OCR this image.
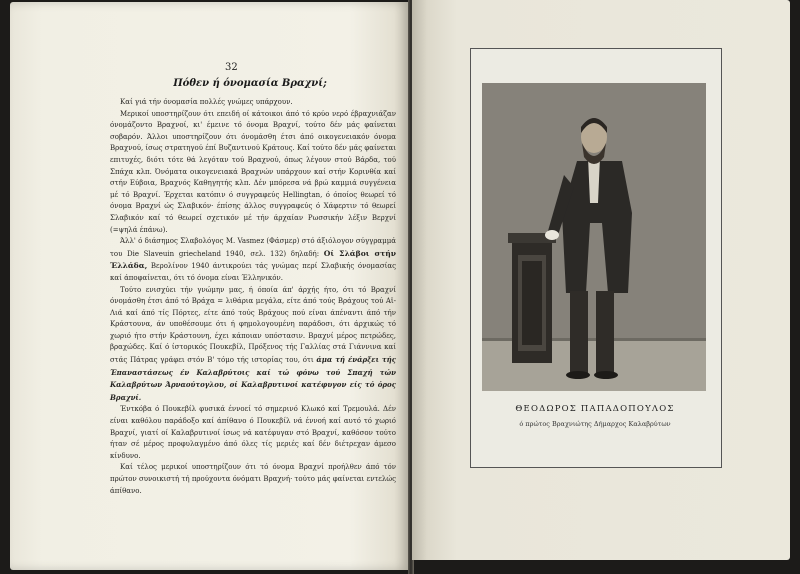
32
Πόθεν ή όνομασία Βραχνί;

Καί γιά τήν όνομασία πολλές γνώμες υπάρχουν.

Μερικοί υποστηρίζουν ότι επειδή οί κάτοικοι άπό τό κρύο νερό έβραχνιάζαν όνομάζοντο Βραχνοί, κι' έμεινε τό όνομα Βραχνί, τούτο δέν μάς φαίνεται σοβαρόν. Άλλοι υποστηρίζουν ότι όνομάσθη έτσι άπό οικογενειακόν όνομα Βραχνού, ίσως στρατηγού έπί Βυζαντινού Κράτους. Καί τούτο δέν μάς φαίνεται επιτυχές, διότι τότε θά λεγόταν τού Βραχνού, όπως λέγουν στού Βάρδα, τού Σπάχα κλπ. Όνόματα οικογενειακά Βραχνών υπάρχουν καί στήν Κορινθία καί στήν Εύβοια, Βραχνός Καθηγητής κλπ. Δέν μπόρεσα νά βρώ καμμιά συγγένεια μέ τό Βραχνί. Έρχεται κατόπιν ό συγγραφεύς Hellingtan, ό όποίος θεωρεί τό όνομα Βραχνί ώς Σλαβικόν· έπίσης άλλος συγγραφεύς ό Χάφερτιν τό θεωρεί Σλαβικόν καί τό θεωρεί σχετικόν μέ τήν άρχαίαν Ρωσσικήν λέξιν Βερχνί (=ψηλά έπάνω).

Άλλ' ό διάσημος Σλαβολόγος M. Vasmez (Φάσμερ) στό άξιόλογον σύγγραμμά του Die Slaveuin griecheland 1940, σελ. 132) δηλαδή: Οί Σλάβοι στήν Έλλάδα, Βερολίνον 1940 άντικρούει τάς γνώμας περί Σλαβικής όνομασίας καί άποφαίνεται, ότι τό όνομα είναι Έλληνικόν.

Τούτο ενισχύει τήν γνώμην μας, ή όποία άπ' άρχής ήτο, ότι τό Βραχνί όνομάσθη έτσι άπό τό Βράχα = λιθάρια μεγάλα, είτε άπό τούς Βράχους τού Αϊ-Λιά καί άπό τίς Πόρτες, είτε άπό τούς Βράχους πού είναι άπέναντι άπό τήν Κράστουνα, άν υποθέσουμε ότι ή φημολογουμένη παράδοσι, ότι άρχικώς τό χωριό ήτο στήν Κράστουνη, έχει κάποιαν υπόστασιν. Βραχνί μέρος πετρώδες, βραχώδες. Καί ό ίστορικός Πουκεβίλ, Πρόξενος τής Γαλλίας στά Γιάννινα καί στάς Πάτρας γράφει στόν Β' τόμο τής ιστορίας του, ότι άμα τή ένάρξει τής Έπαναστάσεως έν Καλαβρύτοις καί τώ φόνω τού Σπαχή τών Καλαβρύτων Άρναούτογλου, οί Καλαβρυτινοί κατέφυγον είς τό όρος Βραχνί.

Έντκόβα ό Πουκεβίλ φυσικά έννοεί τό σημερινό Κλωκό καί Τρεμουλά. Δέν είναι καθόλου παράδοξο καί άπίθανο ό Πουκεβίλ νά έννοή καί αυτό τό χωριό Βραχνί, γιατί οί Καλαβρυτινοί ίσως νά κατέφυγαν στό Βραχνί, καθόσον τούτο ήταν σέ μέρος προφυλαγμένο άπό όλες τίς μεριές καί δέν διέτρεχαν άμεσο κίνδυνο.

Καί τέλος μερικοί υποστηρίζουν ότι τό όνομα Βραχνί προήλθεν άπό τόν πρώτον συνοικιστή τή προύχοντα όνόματι Βραχνή· τούτο μάς φαίνεται εντελώς άπίθανο.

ΘΕΟΔΩΡΟΣ ΠΑΠΑΔΟΠΟΥΛΟΣ
ό πρώτος Βραχνιώτης Δήμαρχος Καλαβρύτων
